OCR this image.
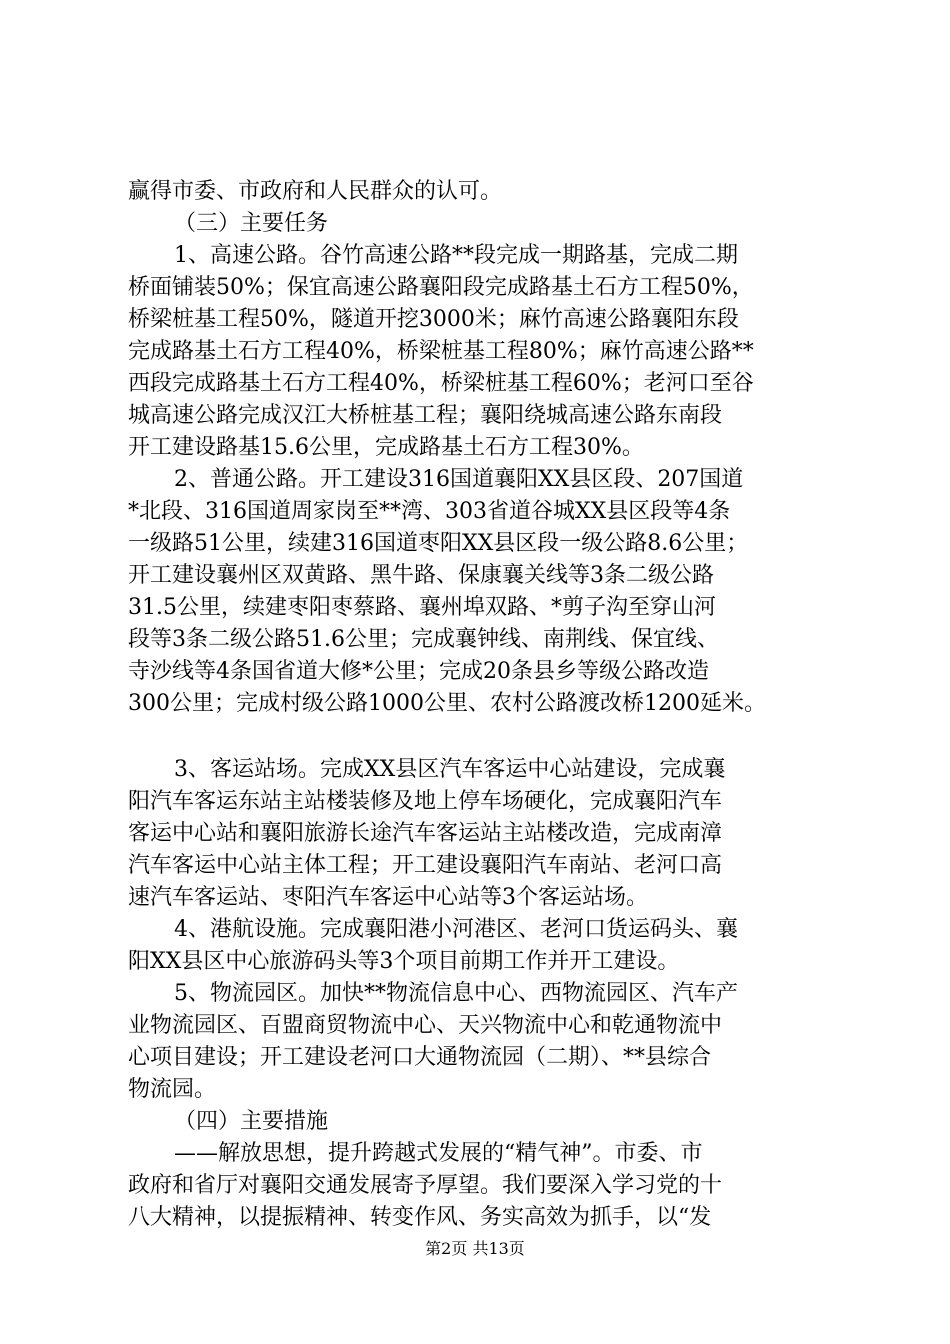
赢得市委、市政府和人民群众的认可。
（三）主要任务
1、高速公路。谷竹高速公路**段完成一期路基，完成二期
桥面铺装50%；保宜高速公路襄阳段完成路基土石方工程50%，
桥梁桩基工程50%，隧道开挖3000米；麻竹高速公路襄阳东段
完成路基土石方工程40%，桥梁桩基工程80%；麻竹高速公路**
西段完成路基土石方工程40%，桥梁桩基工程60%；老河口至谷
城高速公路完成汉江大桥桩基工程；襄阳绕城高速公路东南段
开工建设路基15.6公里，完成路基土石方工程30%。
2、普通公路。开工建设316国道襄阳XX县区段、207国道
*北段、316国道周家岗至**湾、303省道谷城XX县区段等4条
一级路51公里，续建316国道枣阳XX县区段一级公路8.6公里；
开工建设襄州区双黄路、黑牛路、保康襄关线等3条二级公路
31.5公里，续建枣阳枣蔡路、襄州埠双路、*剪子沟至穿山河
段等3条二级公路51.6公里；完成襄钟线、南荆线、保宜线、
寺沙线等4条国省道大修*公里；完成20条县乡等级公路改造
300公里；完成村级公路1000公里、农村公路渡改桥1200延米。
3、客运站场。完成XX县区汽车客运中心站建设，完成襄
阳汽车客运东站主站楼装修及地上停车场硬化，完成襄阳汽车
客运中心站和襄阳旅游长途汽车客运站主站楼改造，完成南漳
汽车客运中心站主体工程；开工建设襄阳汽车南站、老河口高
速汽车客运站、枣阳汽车客运中心站等3个客运站场。
4、港航设施。完成襄阳港小河港区、老河口货运码头、襄
阳XX县区中心旅游码头等3个项目前期工作并开工建设。
5、物流园区。加快**物流信息中心、西物流园区、汽车产
业物流园区、百盟商贸物流中心、天兴物流中心和乾通物流中
心项目建设；开工建设老河口大通物流园（二期）、**县综合
物流园。
（四）主要措施
——解放思想，提升跨越式发展的“精气神”。市委、市
政府和省厅对襄阳交通发展寄予厚望。我们要深入学习党的十
八大精神，以提振精神、转变作风、务实高效为抓手，以“发
第2页 共13页
